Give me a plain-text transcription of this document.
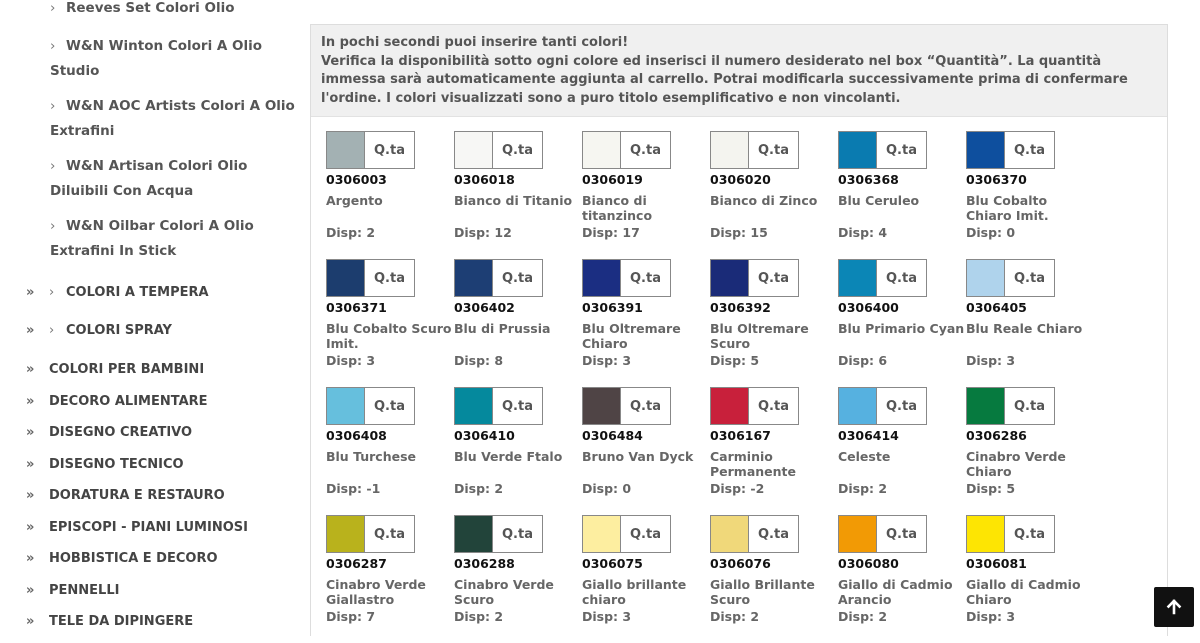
› Reeves Set Colori Olio
› W&N Winton Colori A Olio Studio
› W&N AOC Artists Colori A Olio Extrafini
› W&N Artisan Colori Olio Diluibili Con Acqua
› W&N Oilbar Colori A Olio Extrafini In Stick
» › COLORI A TEMPERA
» › COLORI SPRAY
» COLORI PER BAMBINI
» DECORO ALIMENTARE
» DISEGNO CREATIVO
» DISEGNO TECNICO
» DORATURA E RESTAURO
» EPISCOPI - PIANI LUMINOSI
» HOBBISTICA E DECORO
» PENNELLI
» TELE DA DIPINGERE
In pochi secondi puoi inserire tanti colori!
Verifica la disponibilità sotto ogni colore ed inserisci il numero desiderato nel box “Quantità”. La quantità immessa sarà automaticamente aggiunta al carrello. Potrai modificarla successivamente prima di confermare l'ordine. I colori visualizzati sono a puro titolo esemplificativo e non vincolanti.
Q.ta
0306003
Argento
Disp: 2
Q.ta
0306018
Bianco di Titanio
Disp: 12
Q.ta
0306019
Bianco di titanzinco
Disp: 17
Q.ta
0306020
Bianco di Zinco
Disp: 15
Q.ta
0306368
Blu Ceruleo
Disp: 4
Q.ta
0306370
Blu Cobalto Chiaro Imit.
Disp: 0
Q.ta
0306371
Blu Cobalto Scuro Imit.
Disp: 3
Q.ta
0306402
Blu di Prussia
Disp: 8
Q.ta
0306391
Blu Oltremare Chiaro
Disp: 3
Q.ta
0306392
Blu Oltremare Scuro
Disp: 5
Q.ta
0306400
Blu Primario Cyan
Disp: 6
Q.ta
0306405
Blu Reale Chiaro
Disp: 3
Q.ta
0306408
Blu Turchese
Disp: -1
Q.ta
0306410
Blu Verde Ftalo
Disp: 2
Q.ta
0306484
Bruno Van Dyck
Disp: 0
Q.ta
0306167
Carminio Permanente
Disp: -2
Q.ta
0306414
Celeste
Disp: 2
Q.ta
0306286
Cinabro Verde Chiaro
Disp: 5
Q.ta
0306287
Cinabro Verde Giallastro
Disp: 7
Q.ta
0306288
Cinabro Verde Scuro
Disp: 2
Q.ta
0306075
Giallo brillante chiaro
Disp: 3
Q.ta
0306076
Giallo Brillante Scuro
Disp: 2
Q.ta
0306080
Giallo di Cadmio Arancio
Disp: 2
Q.ta
0306081
Giallo di Cadmio Chiaro
Disp: 3
